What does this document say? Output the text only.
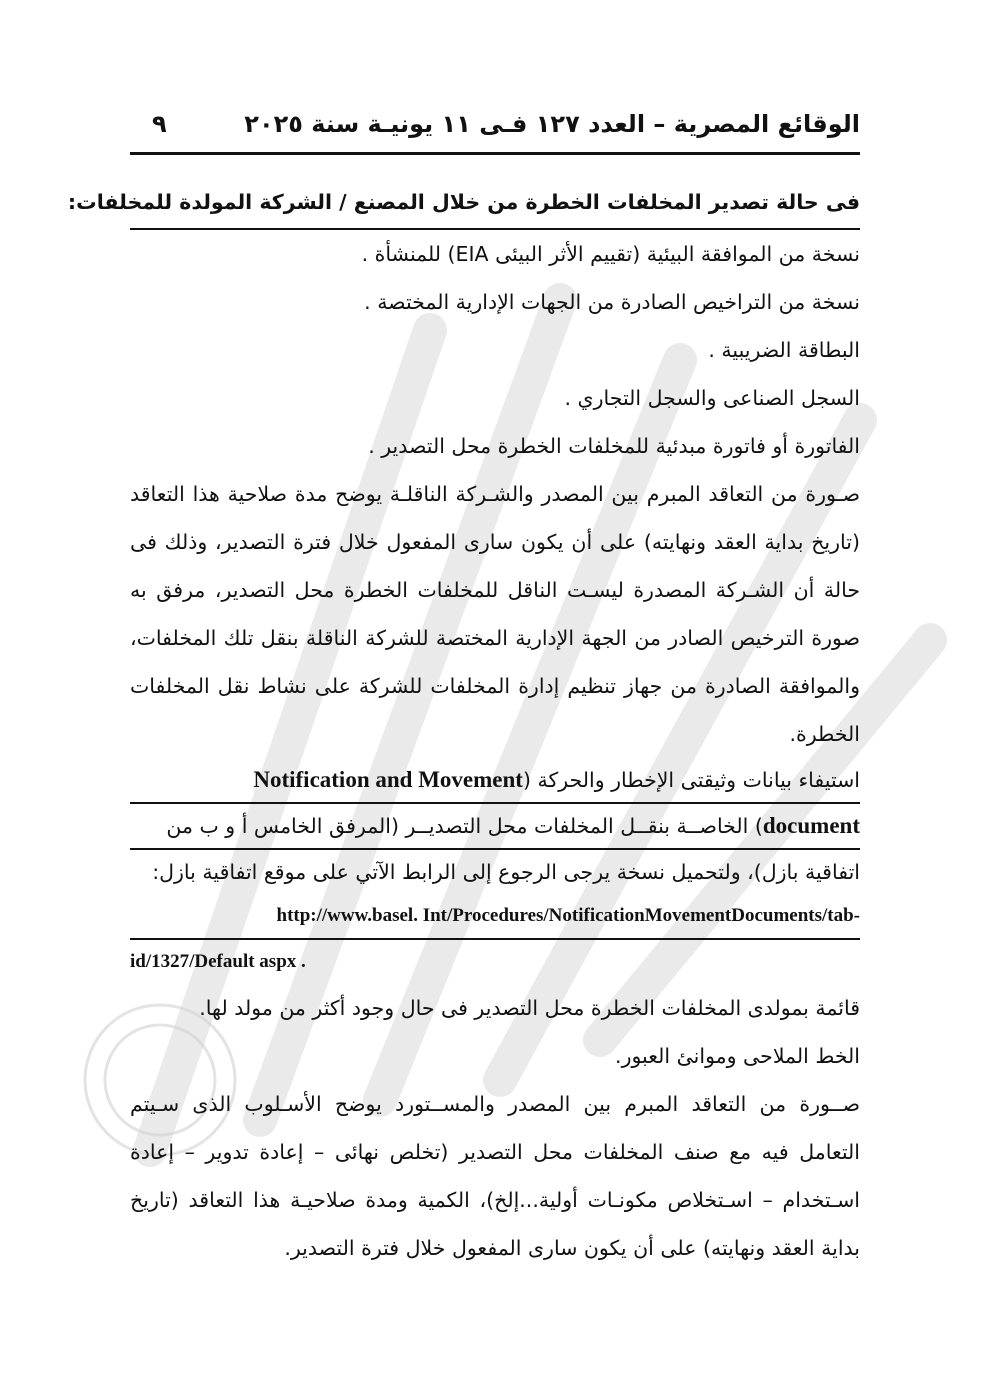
الوقائع المصرية – العدد ١٢٧ فـى ١١ يونيـة سنة ٢٠٢٥
٩
فى حالة تصدير المخلفات الخطرة من خلال المصنع / الشركة المولدة للمخلفات:
نسخة من الموافقة البيئية (تقييم الأثر البيئى EIA) للمنشأة .
نسخة من التراخيص الصادرة من الجهات الإدارية المختصة .
البطاقة الضريبية .
السجل الصناعى والسجل التجاري .
الفاتورة أو فاتورة مبدئية للمخلفات الخطرة محل التصدير .
صـورة من التعاقد المبرم بين المصدر والشـركة الناقلـة يوضح مدة صلاحية هذا التعاقد (تاريخ بداية العقد ونهايته) على أن يكون سارى المفعول خلال فترة التصدير، وذلك فى حالة أن الشـركة المصدرة ليسـت الناقل للمخلفات الخطرة محل التصدير، مرفق به صورة الترخيص الصادر من الجهة الإدارية المختصة للشركة الناقلة بنقل تلك المخلفات، والموافقة الصادرة من جهاز تنظيم إدارة المخلفات للشركة على نشاط نقل المخلفات الخطرة.
استيفاء بيانات وثيقتى الإخطار والحركة (Notification and Movement
document) الخاصــة بنقــل المخلفات محل التصديــر (المرفق الخامس أ و ب من
اتفاقية بازل)، ولتحميل نسخة يرجى الرجوع إلى الرابط الآتي على موقع اتفاقية بازل:
http://www.basel. Int/Procedures/NotificationMovementDocuments/tab-
id/1327/Default aspx .
قائمة بمولدى المخلفات الخطرة محل التصدير فى حال وجود أكثر من مولد لها.
الخط الملاحى وموانئ العبور.
صــورة من التعاقد المبرم بين المصدر والمســتورد يوضح الأسـلوب الذى سـيتم التعامل فيه مع صنف المخلفات محل التصدير (تخلص نهائى – إعادة تدوير – إعادة اسـتخدام – اسـتخلاص مكونـات أولية...إلخ)، الكمية ومدة صلاحيـة هذا التعاقد (تاريخ بداية العقد ونهايته) على أن يكون سارى المفعول خلال فترة التصدير.
